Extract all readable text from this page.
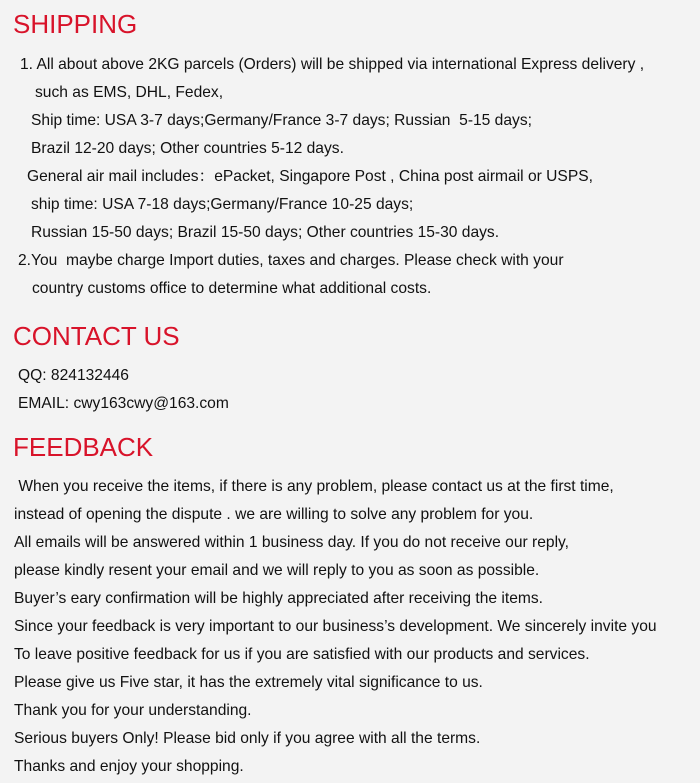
SHIPPING

1. All about above 2KG parcels (Orders) will be shipped via international Express delivery ,

such as EMS, DHL, Fedex,

Ship time: USA 3-7 days;Germany/France 3-7 days; Russian  5-15 days;

Brazil 12-20 days; Other countries 5-12 days.

General air mail includes：ePacket, Singapore Post , China post airmail or USPS,

ship time: USA 7-18 days;Germany/France 10-25 days;

Russian 15-50 days; Brazil 15-50 days; Other countries 15-30 days.

2.You  maybe charge Import duties, taxes and charges. Please check with your

country customs office to determine what additional costs.

CONTACT US

QQ: 824132446

EMAIL: cwy163cwy@163.com

FEEDBACK

When you receive the items, if there is any problem, please contact us at the first time,

instead of opening the dispute . we are willing to solve any problem for you.

All emails will be answered within 1 business day. If you do not receive our reply,

please kindly resent your email and we will reply to you as soon as possible.

Buyer’s eary confirmation will be highly appreciated after receiving the items.

Since your feedback is very important to our business’s development. We sincerely invite you

To leave positive feedback for us if you are satisfied with our products and services.

Please give us Five star, it has the extremely vital significance to us.

Thank you for your understanding.

Serious buyers Only! Please bid only if you agree with all the terms.

Thanks and enjoy your shopping.
